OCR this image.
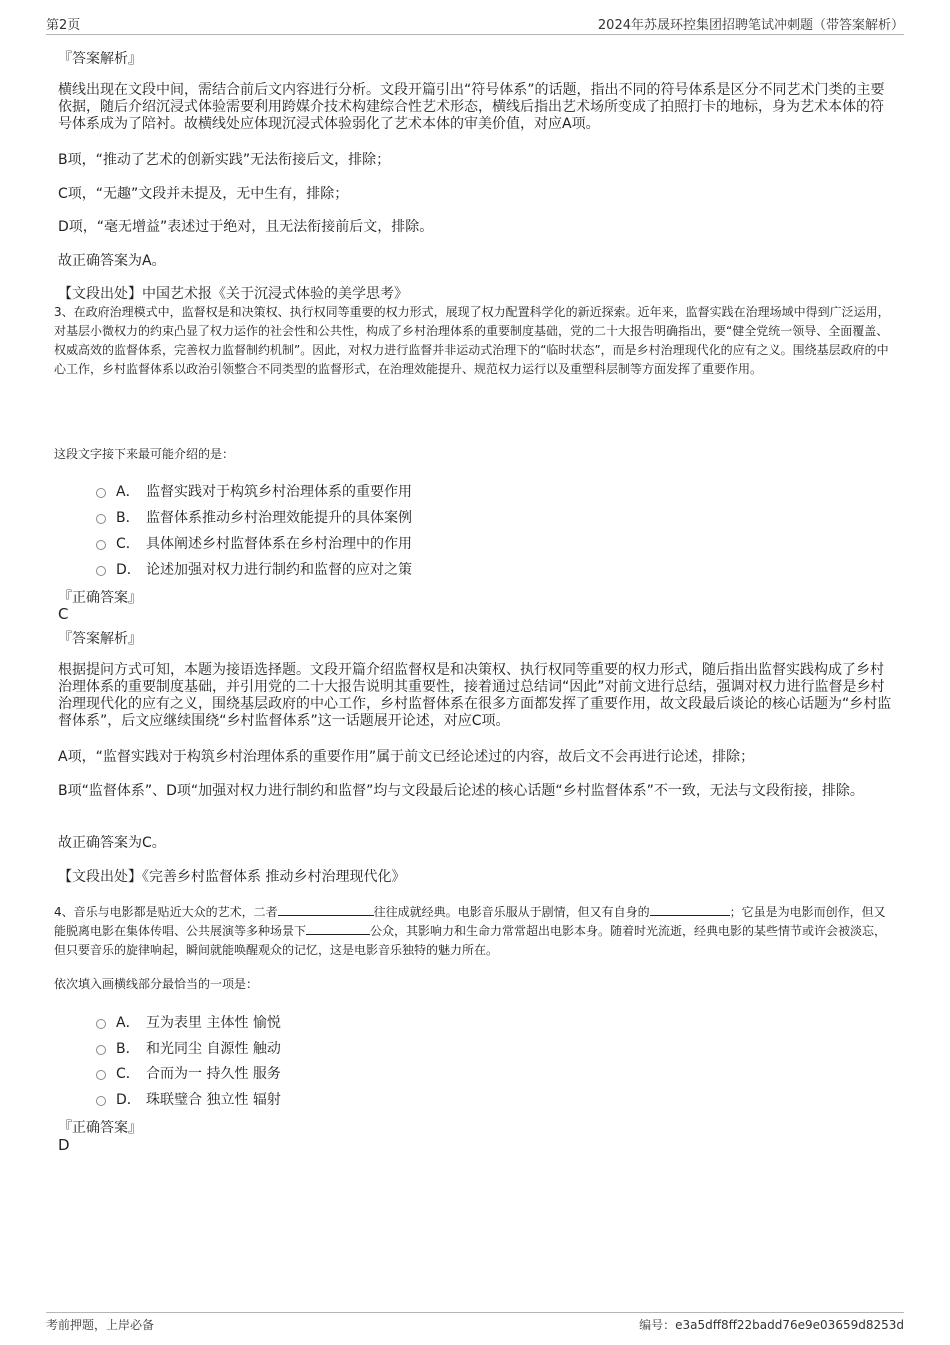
第2页	2024年苏晟环控集团招聘笔试冲刺题（带答案解析）
『答案解析』
横线出现在文段中间，需结合前后文内容进行分析。文段开篇引出“符号体系”的话题，指出不同的符号体系是区分不同艺术门类的主要依据，随后介绍沉浸式体验需要利用跨媒介技术构建综合性艺术形态，横线后指出艺术场所变成了拍照打卡的地标，身为艺术本体的符号体系成为了陪衬。故横线处应体现沉浸式体验弱化了艺术本体的审美价值，对应A项。
B项，“推动了艺术的创新实践”无法衔接后文，排除；
C项，“无趣”文段并未提及，无中生有，排除；
D项，“毫无增益”表述过于绝对，且无法衔接前后文，排除。
故正确答案为A。
【文段出处】中国艺术报《关于沉浸式体验的美学思考》
3、在政府治理模式中，监督权是和决策权、执行权同等重要的权力形式，展现了权力配置科学化的新近探索。近年来，监督实践在治理场域中得到广泛运用，对基层小微权力的约束凸显了权力运作的社会性和公共性，构成了乡村治理体系的重要制度基础，党的二十大报告明确指出，要“健全党统一领导、全面覆盖、权威高效的监督体系，完善权力监督制约机制”。因此，对权力进行监督并非运动式治理下的“临时状态”，而是乡村治理现代化的应有之义。围绕基层政府的中心工作，乡村监督体系以政治引领整合不同类型的监督形式，在治理效能提升、规范权力运行以及重塑科层制等方面发挥了重要作用。
这段文字接下来最可能介绍的是：
A． 监督实践对于构筑乡村治理体系的重要作用
B． 监督体系推动乡村治理效能提升的具体案例
C． 具体阐述乡村监督体系在乡村治理中的作用
D． 论述加强对权力进行制约和监督的应对之策
『正确答案』
C
『答案解析』
根据提问方式可知，本题为接语选择题。文段开篇介绍监督权是和决策权、执行权同等重要的权力形式，随后指出监督实践构成了乡村治理体系的重要制度基础，并引用党的二十大报告说明其重要性，接着通过总结词“因此”对前文进行总结，强调对权力进行监督是乡村治理现代化的应有之义，围绕基层政府的中心工作，乡村监督体系在很多方面都发挥了重要作用，故文段最后谈论的核心话题为“乡村监督体系”，后文应继续围绕“乡村监督体系”这一话题展开论述，对应C项。
A项，“监督实践对于构筑乡村治理体系的重要作用”属于前文已经论述过的内容，故后文不会再进行论述，排除；
B项“监督体系”、D项“加强对权力进行制约和监督”均与文段最后论述的核心话题“乡村监督体系”不一致，无法与文段衔接，排除。
故正确答案为C。
【文段出处】《完善乡村监督体系 推动乡村治理现代化》
4、音乐与电影都是贴近大众的艺术，二者	往往成就经典。电影音乐服从于剧情，但又有自身的	；它虽是为电影而创作，但又能脱离电影在集体传唱、公共展演等多种场景下	公众，其影响力和生命力常常超出电影本身。随着时光流逝，经典电影的某些情节或许会被淡忘，但只要音乐的旋律响起，瞬间就能唤醒观众的记忆，这是电影音乐独特的魅力所在。
依次填入画横线部分最恰当的一项是：
A． 互为表里 主体性 愉悦
B． 和光同尘 自源性 触动
C． 合而为一 持久性 服务
D． 珠联璧合 独立性 辐射
『正确答案』
D
考前押题，上岸必备	编号：e3a5dff8ff22badd76e9e03659d8253d
